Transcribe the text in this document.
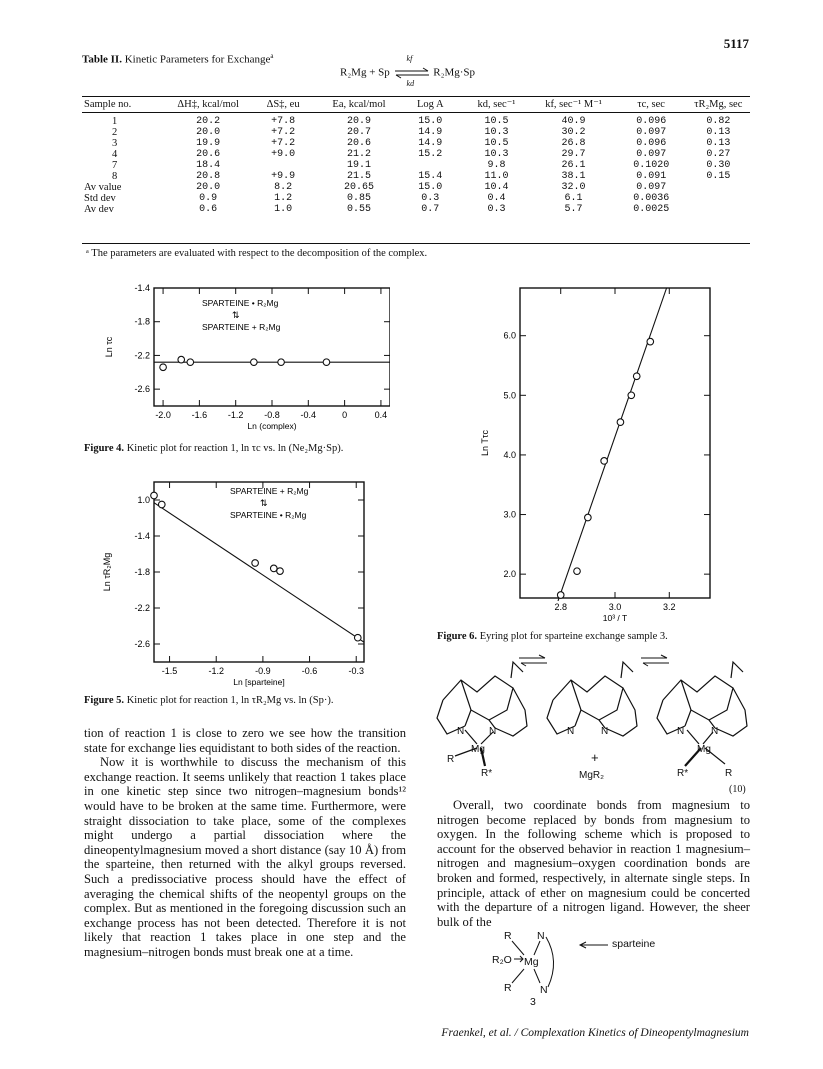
5117
Table II. Kinetic Parameters for Exchange$^a$
R₂Mg + Sp
kf
kd
R₂Mg·Sp
Sample no.	ΔH‡, kcal/mol	ΔS‡, eu	Ea, kcal/mol	Log A	kd, sec⁻¹	kf, sec⁻¹ M⁻¹	τc, sec	τR₂Mg, sec
1	20.2	+7.8	20.9	15.0	10.5	40.9	0.096	0.82
2	20.0	+7.2	20.7	14.9	10.3	30.2	0.097	0.13
3	19.9	+7.2	20.6	14.9	10.5	26.8	0.096	0.13
4	20.6	+9.0	21.2	15.2	10.3	29.7	0.097	0.27
7	18.4		19.1		9.8	26.1	0.1020	0.30
8	20.8	+9.9	21.5	15.4	11.0	38.1	0.091	0.15
Av value	20.0	8.2	20.65	15.0	10.4	32.0	0.097	
Std dev	0.9	1.2	0.85	0.3	0.4	6.1	0.0036	
Av dev	0.6	1.0	0.55	0.7	0.3	5.7	0.0025	
ᵃ The parameters are evaluated with respect to the decomposition of the complex.
-2.0 -1.6 -1.2 -0.8 -0.4	0	0.4
-1.4
-1.8
-2.2
-2.6
Ln (complex)
Ln τc
SPARTEINE • R₂Mg
⇅
SPARTEINE + R₂Mg
Figure 4. Kinetic plot for reaction 1, ln τc vs. ln (Ne₂Mg·Sp).
-1.5	-1.2	-0.9	-0.6	-0.3
1.0
-1.4
-1.8
-2.2
-2.6
Ln [sparteine]
Ln τR₂Mg
SPARTEINE + R₂Mg
⇅
SPARTEINE • R₂Mg
Figure 5. Kinetic plot for reaction 1, ln τR₂Mg vs. ln (Sp·).
2.8	3.0	3.2
6.0
5.0
4.0
3.0
2.0
10³ / T
Ln Tτc
Figure 6. Eyring plot for sparteine exchange sample 3.

tion of reaction 1 is close to zero we see how the transition state for exchange lies equidistant to both sides of the reaction.

Now it is worthwhile to discuss the mechanism of this exchange reaction. It seems unlikely that reaction 1 takes place in one kinetic step since two nitrogen–magnesium bonds¹² would have to be broken at the same time. Furthermore, were straight dissociation to take place, some of the complexes might undergo a partial dissociation where the dineopentylmagnesium moved a short distance (say 10 Å) from the sparteine, then returned with the alkyl groups reversed. Such a predissociative process should have the effect of averaging the chemical shifts of the neopentyl groups on the complex. But as mentioned in the foregoing discussion such an exchange process has not been detected. Therefore it is not likely that reaction 1 takes place in one step and the magnesium–nitrogen bonds must break one at a time.

N N
Mg
R
R*
N	N
+
MgR₂
N	N
Mg
R*	R
(10)

Overall, two coordinate bonds from magnesium to nitrogen become replaced by bonds from magnesium to oxygen. In the following scheme which is proposed to account for the observed behavior in reaction 1 magnesium–nitrogen and magnesium–oxygen coordination bonds are broken and formed, respectively, in alternate single steps. In principle, attack of ether on magnesium could be concerted with the departure of a nitrogen ligand. However, the sheer bulk of the

R N
R₂O Mg
R	N
sparteine
3
Fraenkel, et al. / Complexation Kinetics of Dineopentylmagnesium
